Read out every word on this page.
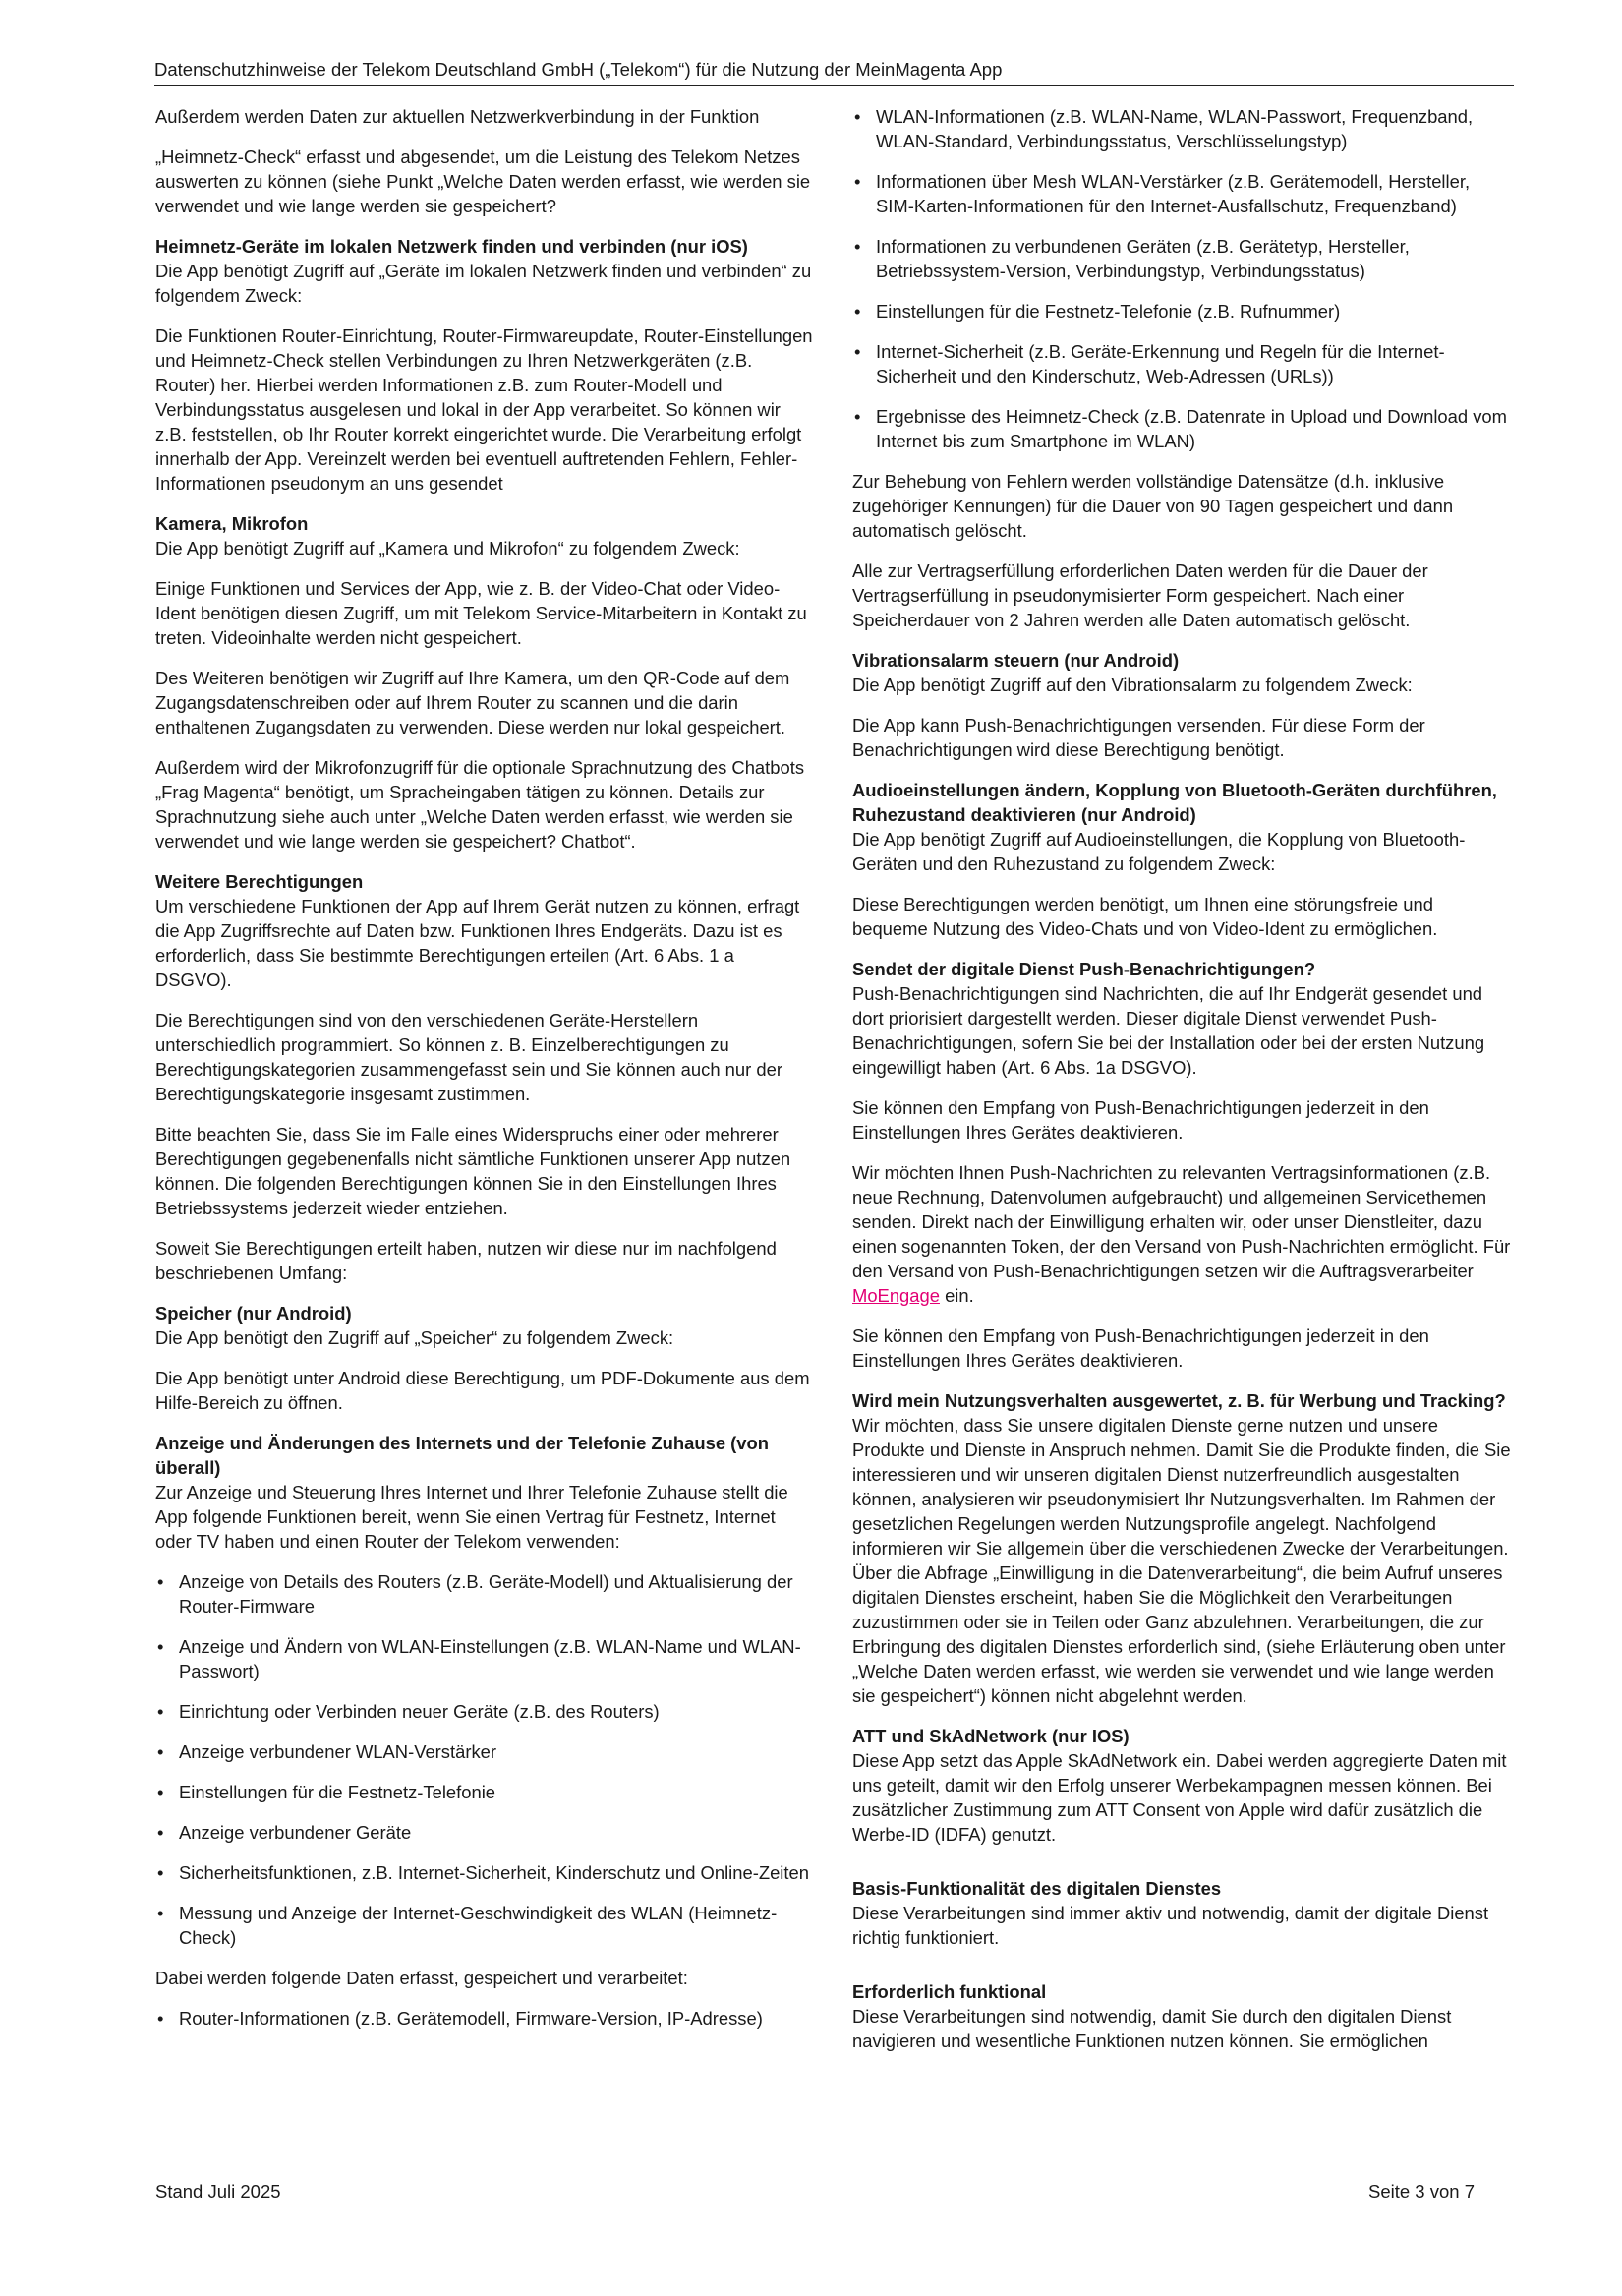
Datenschutzhinweise der Telekom Deutschland GmbH („Telekom“) für die Nutzung der MeinMagenta App

Außerdem werden Daten zur aktuellen Netzwerkverbindung in der Funktion

„Heimnetz-Check“ erfasst und abgesendet, um die Leistung des Telekom Netzes auswerten zu können (siehe Punkt „Welche Daten werden erfasst, wie werden sie verwendet und wie lange werden sie gespeichert?

Heimnetz-Geräte im lokalen Netzwerk finden und verbinden (nur iOS)

Die App benötigt Zugriff auf „Geräte im lokalen Netzwerk finden und verbinden“ zu folgendem Zweck:

Die Funktionen Router-Einrichtung, Router-Firmwareupdate, Router-Einstellungen und Heimnetz-Check stellen Verbindungen zu Ihren Netzwerkgeräten (z.B. Router) her. Hierbei werden Informationen z.B. zum Router-Modell und Verbindungsstatus ausgelesen und lokal in der App verarbeitet. So können wir z.B. feststellen, ob Ihr Router korrekt eingerichtet wurde. Die Verarbeitung erfolgt innerhalb der App. Vereinzelt werden bei eventuell auftretenden Fehlern, Fehler-Informationen pseudonym an uns gesendet

Kamera, Mikrofon

Die App benötigt Zugriff auf „Kamera und Mikrofon“ zu folgendem Zweck:

Einige Funktionen und Services der App, wie z. B. der Video-Chat oder Video-Ident benötigen diesen Zugriff, um mit Telekom Service-Mitarbeitern in Kontakt zu treten. Videoinhalte werden nicht gespeichert.

Des Weiteren benötigen wir Zugriff auf Ihre Kamera, um den QR-Code auf dem Zugangsdatenschreiben oder auf Ihrem Router zu scannen und die darin enthaltenen Zugangsdaten zu verwenden. Diese werden nur lokal gespeichert.

Außerdem wird der Mikrofonzugriff für die optionale Sprachnutzung des Chatbots „Frag Magenta“ benötigt, um Spracheingaben tätigen zu können. Details zur Sprachnutzung siehe auch unter „Welche Daten werden erfasst, wie werden sie verwendet und wie lange werden sie gespeichert? Chatbot“.

Weitere Berechtigungen

Um verschiedene Funktionen der App auf Ihrem Gerät nutzen zu können, erfragt die App Zugriffsrechte auf Daten bzw. Funktionen Ihres Endgeräts. Dazu ist es erforderlich, dass Sie bestimmte Berechtigungen erteilen (Art. 6 Abs. 1 a DSGVO).

Die Berechtigungen sind von den verschiedenen Geräte-Herstellern unterschiedlich programmiert. So können z. B. Einzelberechtigungen zu Berechtigungskategorien zusammengefasst sein und Sie können auch nur der Berechtigungskategorie insgesamt zustimmen.

Bitte beachten Sie, dass Sie im Falle eines Widerspruchs einer oder mehrerer Berechtigungen gegebenenfalls nicht sämtliche Funktionen unserer App nutzen können. Die folgenden Berechtigungen können Sie in den Einstellungen Ihres Betriebssystems jederzeit wieder entziehen.

Soweit Sie Berechtigungen erteilt haben, nutzen wir diese nur im nachfolgend beschriebenen Umfang:

Speicher (nur Android)

Die App benötigt den Zugriff auf „Speicher“ zu folgendem Zweck:

Die App benötigt unter Android diese Berechtigung, um PDF-Dokumente aus dem Hilfe-Bereich zu öffnen.

Anzeige und Änderungen des Internets und der Telefonie Zuhause (von überall)

Zur Anzeige und Steuerung Ihres Internet und Ihrer Telefonie Zuhause stellt die App folgende Funktionen bereit, wenn Sie einen Vertrag für Festnetz, Internet oder TV haben und einen Router der Telekom verwenden:

• Anzeige von Details des Routers (z.B. Geräte-Modell) und Aktualisierung der Router-Firmware
• Anzeige und Ändern von WLAN-Einstellungen (z.B. WLAN-Name und WLAN-Passwort)
• Einrichtung oder Verbinden neuer Geräte (z.B. des Routers)
• Anzeige verbundener WLAN-Verstärker
• Einstellungen für die Festnetz-Telefonie
• Anzeige verbundener Geräte
• Sicherheitsfunktionen, z.B. Internet-Sicherheit, Kinderschutz und Online-Zeiten
• Messung und Anzeige der Internet-Geschwindigkeit des WLAN (Heimnetz-Check)

Dabei werden folgende Daten erfasst, gespeichert und verarbeitet:

• Router-Informationen (z.B. Gerätemodell, Firmware-Version, IP-Adresse)
• WLAN-Informationen (z.B. WLAN-Name, WLAN-Passwort, Frequenzband, WLAN-Standard, Verbindungsstatus, Verschlüsselungstyp)
• Informationen über Mesh WLAN-Verstärker (z.B. Gerätemodell, Hersteller, SIM-Karten-Informationen für den Internet-Ausfallschutz, Frequenzband)
• Informationen zu verbundenen Geräten (z.B. Gerätetyp, Hersteller, Betriebssystem-Version, Verbindungstyp, Verbindungsstatus)
• Einstellungen für die Festnetz-Telefonie (z.B. Rufnummer)
• Internet-Sicherheit (z.B. Geräte-Erkennung und Regeln für die Internet-Sicherheit und den Kinderschutz, Web-Adressen (URLs))
• Ergebnisse des Heimnetz-Check (z.B. Datenrate in Upload und Download vom Internet bis zum Smartphone im WLAN)

Zur Behebung von Fehlern werden vollständige Datensätze (d.h. inklusive zugehöriger Kennungen) für die Dauer von 90 Tagen gespeichert und dann automatisch gelöscht.

Alle zur Vertragserfüllung erforderlichen Daten werden für die Dauer der Vertragserfüllung in pseudonymisierter Form gespeichert. Nach einer Speicherdauer von 2 Jahren werden alle Daten automatisch gelöscht.

Vibrationsalarm steuern (nur Android)

Die App benötigt Zugriff auf den Vibrationsalarm zu folgendem Zweck:

Die App kann Push-Benachrichtigungen versenden. Für diese Form der Benachrichtigungen wird diese Berechtigung benötigt.

Audioeinstellungen ändern, Kopplung von Bluetooth-Geräten durchführen, Ruhezustand deaktivieren (nur Android)

Die App benötigt Zugriff auf Audioeinstellungen, die Kopplung von Bluetooth-Geräten und den Ruhezustand zu folgendem Zweck:

Diese Berechtigungen werden benötigt, um Ihnen eine störungsfreie und bequeme Nutzung des Video-Chats und von Video-Ident zu ermöglichen.

Sendet der digitale Dienst Push-Benachrichtigungen?

Push-Benachrichtigungen sind Nachrichten, die auf Ihr Endgerät gesendet und dort priorisiert dargestellt werden. Dieser digitale Dienst verwendet Push-Benachrichtigungen, sofern Sie bei der Installation oder bei der ersten Nutzung eingewilligt haben (Art. 6 Abs. 1a DSGVO).

Sie können den Empfang von Push-Benachrichtigungen jederzeit in den Einstellungen Ihres Gerätes deaktivieren.

Wir möchten Ihnen Push-Nachrichten zu relevanten Vertragsinformationen (z.B. neue Rechnung, Datenvolumen aufgebraucht) und allgemeinen Servicethemen senden. Direkt nach der Einwilligung erhalten wir, oder unser Dienstleiter, dazu einen sogenannten Token, der den Versand von Push-Nachrichten ermöglicht. Für den Versand von Push-Benachrichtigungen setzen wir die Auftragsverarbeiter MoEngage ein.

Sie können den Empfang von Push-Benachrichtigungen jederzeit in den Einstellungen Ihres Gerätes deaktivieren.

Wird mein Nutzungsverhalten ausgewertet, z. B. für Werbung und Tracking?

Wir möchten, dass Sie unsere digitalen Dienste gerne nutzen und unsere Produkte und Dienste in Anspruch nehmen. Damit Sie die Produkte finden, die Sie interessieren und wir unseren digitalen Dienst nutzerfreundlich ausgestalten können, analysieren wir pseudonymisiert Ihr Nutzungsverhalten. Im Rahmen der gesetzlichen Regelungen werden Nutzungsprofile angelegt. Nachfolgend informieren wir Sie allgemein über die verschiedenen Zwecke der Verarbeitungen. Über die Abfrage „Einwilligung in die Datenverarbeitung“, die beim Aufruf unseres digitalen Dienstes erscheint, haben Sie die Möglichkeit den Verarbeitungen zuzustimmen oder sie in Teilen oder Ganz abzulehnen. Verarbeitungen, die zur Erbringung des digitalen Dienstes erforderlich sind, (siehe Erläuterung oben unter „Welche Daten werden erfasst, wie werden sie verwendet und wie lange werden sie gespeichert“) können nicht abgelehnt werden.

ATT und SkAdNetwork (nur IOS)

Diese App setzt das Apple SkAdNetwork ein. Dabei werden aggregierte Daten mit uns geteilt, damit wir den Erfolg unserer Werbekampagnen messen können. Bei zusätzlicher Zustimmung zum ATT Consent von Apple wird dafür zusätzlich die Werbe-ID (IDFA) genutzt.

Basis-Funktionalität des digitalen Dienstes

Diese Verarbeitungen sind immer aktiv und notwendig, damit der digitale Dienst richtig funktioniert.

Erforderlich funktional

Diese Verarbeitungen sind notwendig, damit Sie durch den digitalen Dienst navigieren und wesentliche Funktionen nutzen können. Sie ermöglichen

Stand Juli 2025	Seite 3 von 7
